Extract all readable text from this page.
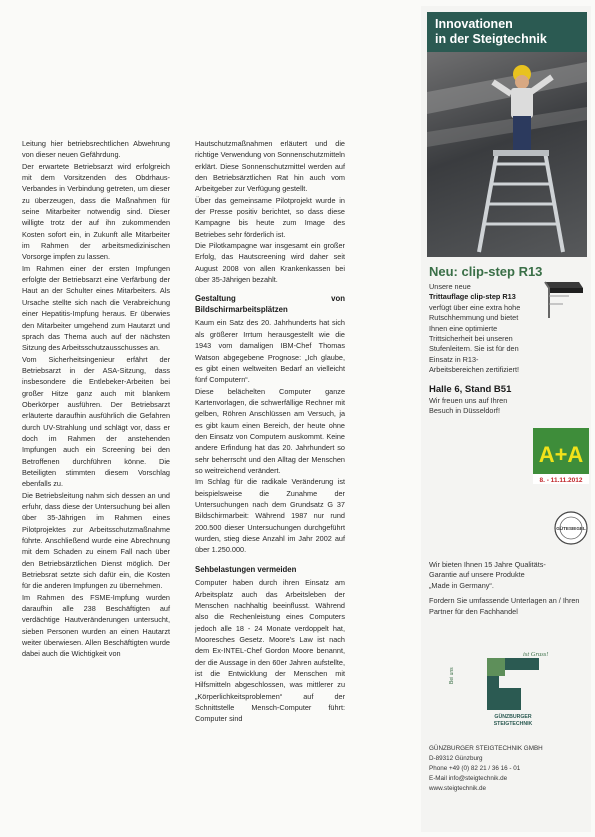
Leitung hier betriebsrechtlichen Abwehrung von dieser neuen Gefährdung.

Der erwartete Betriebsarzt wird erfolgreich mit dem Vorsitzenden des Obdrhaus-Verbandes in Verbindung getreten, um dieser zu überzeugen, dass die Maßnahmen für seine Mitarbeiter notwendig sind. Dieser willigte trotz der auf ihn zukommenden Kosten sofort ein, in Zukunft alle Mitarbeiter im Rahmen der arbeitsmedizinischen Vorsorge impfen zu lassen.

Im Rahmen einer der ersten Impfungen erfolgte der Betriebsarzt eine Verfärbung der Haut an der Schulter eines Mitarbeiters. Als Ursache stellte sich nach die Verabreichung einer Hepatitis-Impfung heraus. Er überwies den Mitarbeiter umgehend zum Hautarzt und sprach das Thema auch auf der nächsten Sitzung des Arbeitsschutzausschusses an.

Vom Sicherheitsingenieur erfährt der Betriebsarzt in der ASA-Sitzung, dass insbesondere die Entlebeker-Arbeiten bei großer Hitze ganz auch mit blankem Oberkörper ausführen. Der Betriebsarzt erläuterte daraufhin ausführlich die Gefahren durch UV-Strahlung und schlägt vor, dass er doch im Rahmen der anstehenden Impfungen auch ein Screening bei den Betroffenen durchführen könne. Die Beteiligten stimmten diesem Vorschlag ebenfalls zu.

Die Betriebsleitung nahm sich dessen an und erfuhr, dass diese der Untersuchung bei allen über 35-Jährigen im Rahmen eines Pilotprojektes zur Arbeitsschutzmaßnahme führte. Anschließend wurde eine Abrechnung mit dem Schaden zu einem Fall nach über den Betriebsärztlichen Dienst möglich. Der Betriebsrat setzte sich dafür ein, die Kosten für die anderen Impfungen zu übernehmen.

Im Rahmen des FSME-Impfung wurden daraufhin alle 238 Beschäftigten auf verdächtige Hautveränderungen untersucht, sieben Personen wurden an einen Hautarzt weiter überwiesen. Allen Beschäftigten wurde dabei auch die Wichtigkeit von

Hautschutzmaßnahmen erläutert und die richtige Verwendung von Sonnenschutzmitteln erklärt. Diese Sonnenschutzmittel werden auf den Betriebsärztlichen Rat hin auch vom Arbeitgeber zur Verfügung gestellt.

Über das gemeinsame Pilotprojekt wurde in der Presse positiv berichtet, so dass diese Kampagne bis heute zum Image des Betriebes sehr förderlich ist.

Die Pilotkampagne war insgesamt ein großer Erfolg, das Hautscreening wird daher seit August 2008 von allen Krankenkassen bei über 35-Jährigen bezahlt.

Gestaltung von Bildschirmarbeitsplätzen

Kaum ein Satz des 20. Jahrhunderts hat sich als größerer Irrtum herausgestellt wie die 1943 vom damaligen IBM-Chef Thomas Watson abgegebene Prognose: „Ich glaube, es gibt einen weltweiten Bedarf an vielleicht fünf Computern“.

Diese belächelten Computer ganze Kartenvorlagen, die schwerfällige Rechner mit gelben, Röhren Anschlüssen am Versuch, ja es gibt kaum einen Bereich, der heute ohne den Einsatz von Computern auskommt. Keine andere Erfindung hat das 20. Jahrhundert so sehr beherrscht und den Alltag der Menschen so weitreichend verändert.

Im Schlag für die radikale Veränderung ist beispielsweise die Zunahme der Untersuchungen nach dem Grundsatz G 37 Bildschirmarbeit: Während 1987 nur rund 200.500 dieser Untersuchungen durchgeführt wurden, stieg diese Anzahl im Jahr 2002 auf über 1.250.000.

Sehbelastungen vermeiden

Computer haben durch ihren Einsatz am Arbeitsplatz auch das Arbeitsleben der Menschen nachhaltig beeinflusst. Während also die Rechenleistung eines Computers jedoch alle 18 - 24 Monate verdoppelt hat, Mooresches Gesetz. Moore's Law ist nach dem Ex-INTEL-Chef Gordon Moore benannt, der die Aussage in den 60er Jahren aufstellte, ist die Entwicklung der Menschen mit Hilfsmitteln abgeschlossen, was mittlerer zu „Körperlichkeitsproblemen“ auf der Schnittstelle Mensch-Computer führt: Computer sind

Innovationen
in der Steigtechnik
Neu: clip-step R13

Unsere neue
Trittauflage clip-step R13
verfügt über eine extra hohe Rutschhemmung und bietet Ihnen eine optimierte Trittsicherheit bei unseren Stufenleitern. Sie ist für den Einsatz in R13-Arbeitsbereichen zertifiziert!

Halle 6, Stand B51

Wir freuen uns auf Ihren Besuch in Düsseldorf!

A+A
8. - 11.11.2012
GÜTESIEGEL

Wir bieten Ihnen 15 Jahre Qualitäts-Garantie auf unsere Produkte „Made in Germany“.

Fordern Sie umfassende Unterlagen an / Ihren Partner für den Fachhandel

Bei uns
ist Gruss!
GÜNZBURGER
STEIGTECHNIK
GÜNZBURGER STEIGTECHNIK GMBH
D-89312 Günzburg
Phone +49 (0) 82 21 / 36 16 - 01
E-Mail info@steigtechnik.de
www.steigtechnik.de
